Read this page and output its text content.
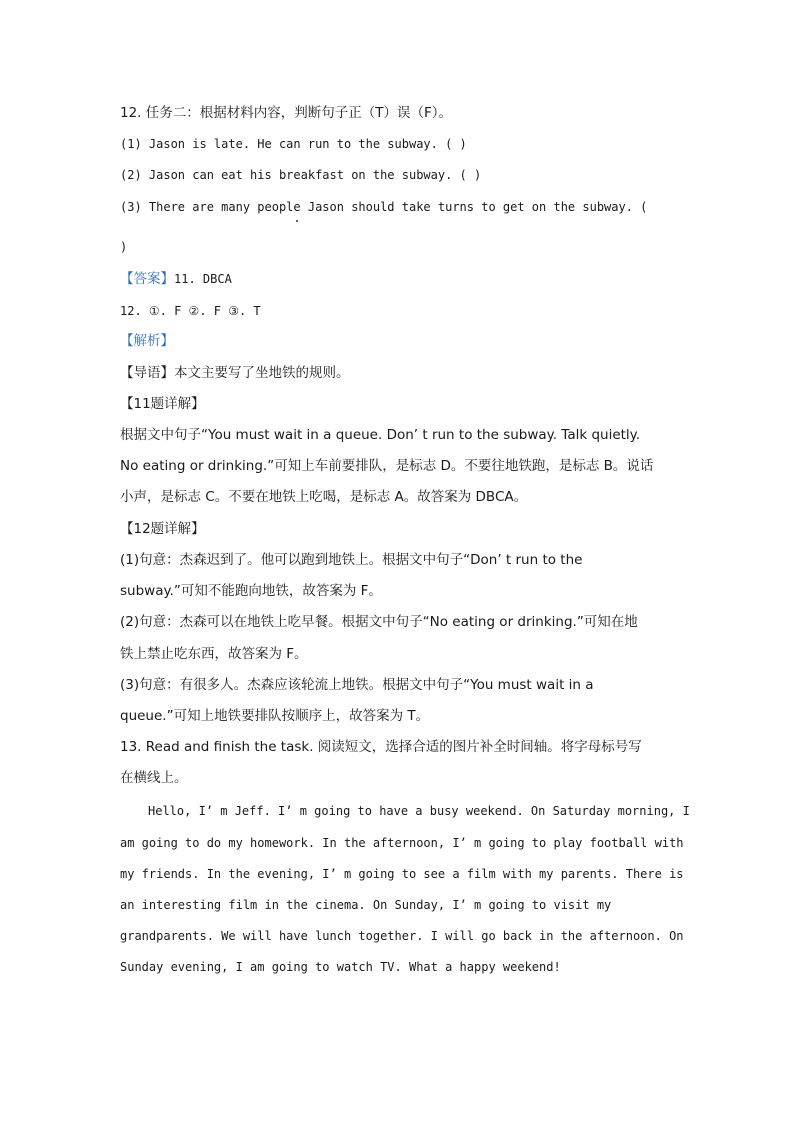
12. 任务二：根据材料内容，判断句子正（T）误（F）。
(1) Jason is late. He can run to the subway. ( )
(2) Jason can eat his breakfast on the subway. ( )
(3) There are many people Jason should take turns to get on the subway. (
)
【答案】11. DBCA
12. ①. F ②. F ③. T
【解析】
【导语】本文主要写了坐地铁的规则。
【11题详解】
根据文中句子“You must wait in a queue. Don’ t run to the subway. Talk quietly.
No eating or drinking.”可知上车前要排队，是标志 D。不要往地铁跑，是标志 B。说话
小声，是标志 C。不要在地铁上吃喝，是标志 A。故答案为 DBCA。
【12题详解】
(1)句意：杰森迟到了。他可以跑到地铁上。根据文中句子“Don’ t run to the
subway.”可知不能跑向地铁，故答案为 F。
(2)句意：杰森可以在地铁上吃早餐。根据文中句子“No eating or drinking.”可知在地
铁上禁止吃东西，故答案为 F。
(3)句意：有很多人。杰森应该轮流上地铁。根据文中句子“You must wait in a
queue.”可知上地铁要排队按顺序上，故答案为 T。
13. Read and finish the task. 阅读短文，选择合适的图片补全时间轴。将字母标号写
在横线上。
Hello, I’ m Jeff. I’ m going to have a busy weekend. On Saturday morning, I
am going to do my homework. In the afternoon, I’ m going to play football with
my friends. In the evening, I’ m going to see a film with my parents. There is
an interesting film in the cinema. On Sunday, I’ m going to visit my
grandparents. We will have lunch together. I will go back in the afternoon. On
Sunday evening, I am going to watch TV. What a happy weekend!
